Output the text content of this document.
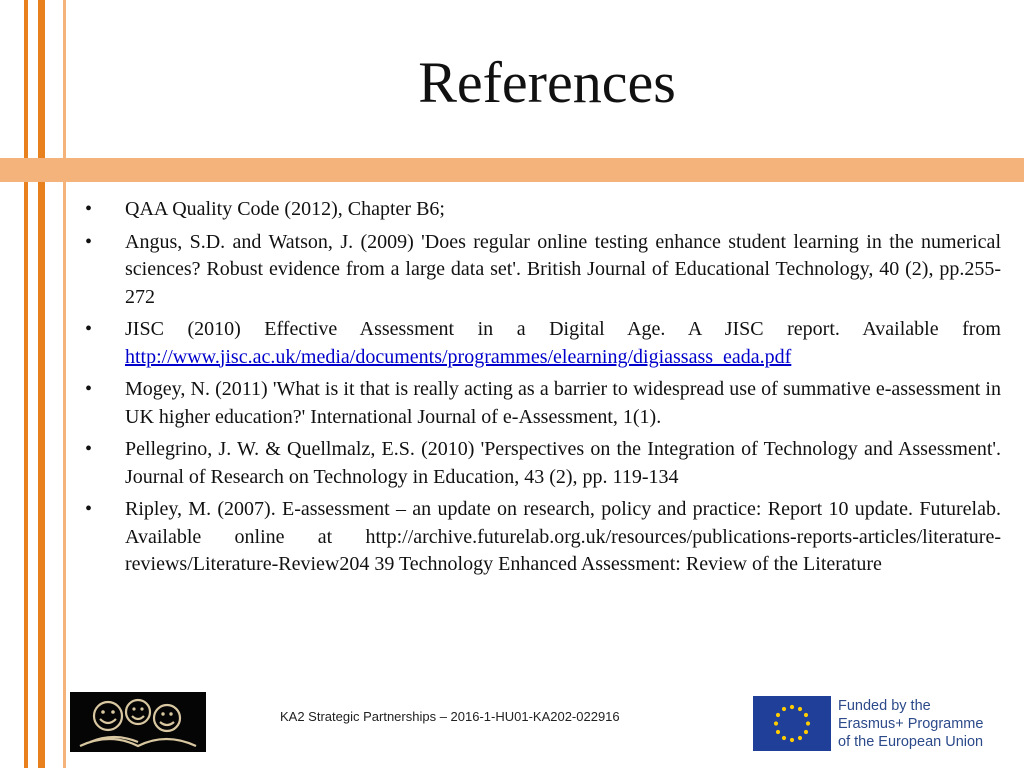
References
• QAA Quality Code (2012), Chapter B6;
• Angus, S.D. and Watson, J. (2009) 'Does regular online testing enhance student learning in the numerical sciences? Robust evidence from a large data set'. British Journal of Educational Technology, 40 (2), pp.255-272
• JISC (2010) Effective Assessment in a Digital Age. A JISC report. Available from http://www.jisc.ac.uk/media/documents/programmes/elearning/digiassass_eada.pdf
• Mogey, N. (2011) 'What is it that is really acting as a barrier to widespread use of summative e-assessment in UK higher education?' International Journal of e-Assessment, 1(1).
• Pellegrino, J. W. & Quellmalz, E.S. (2010) 'Perspectives on the Integration of Technology and Assessment'. Journal of Research on Technology in Education, 43 (2), pp. 119-134
• Ripley, M. (2007). E-assessment – an update on research, policy and practice: Report 10 update. Futurelab. Available online at http://archive.futurelab.org.uk/resources/publications-reports-articles/literature-reviews/Literature-Review204 39 Technology Enhanced Assessment: Review of the Literature
KA2 Strategic Partnerships – 2016-1-HU01-KA202-022916
Funded by the
Erasmus+ Programme
of the European Union
